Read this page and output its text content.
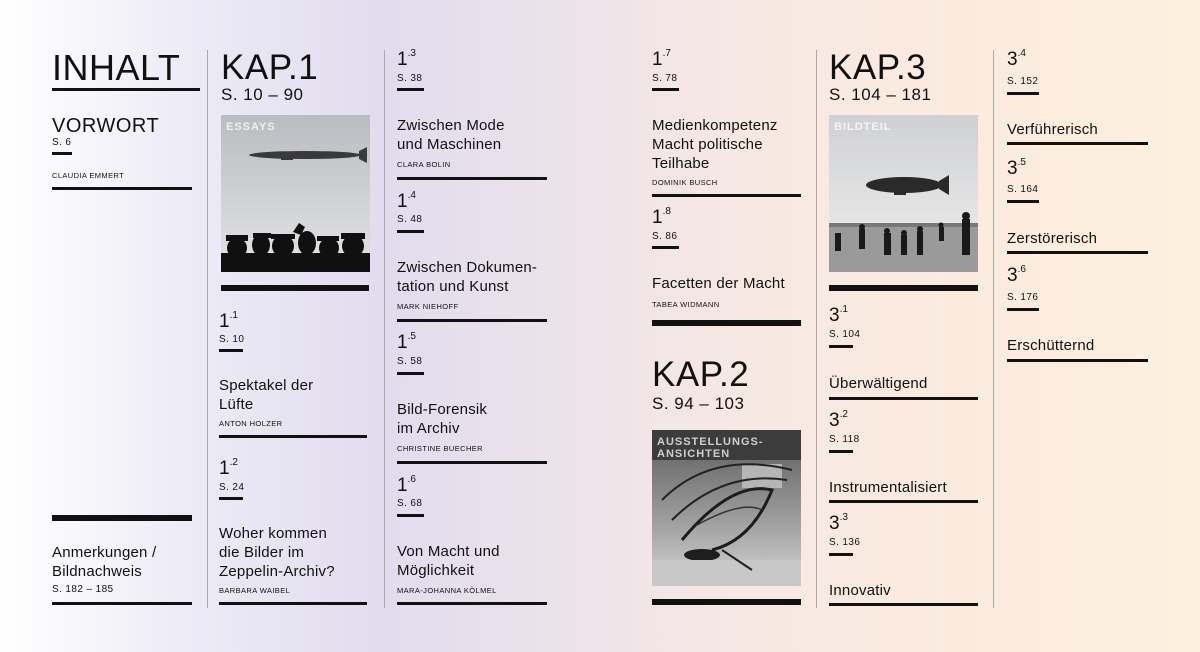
INHALT
VORWORT
S. 6
CLAUDIA EMMERT
Anmerkungen /
Bildnachweis
S. 182 – 185
KAP.1
S. 10 – 90
ESSAYS
$1^{.1}$
S. 10
Spektakel der
Lüfte
ANTON HOLZER
$1^{.2}$
S. 24
Woher kommen
die Bilder im
Zeppelin-Archiv?
BARBARA WAIBEL
$1^{.3}$
S. 38
Zwischen Mode
und Maschinen
CLARA BOLIN
$1^{.4}$
S. 48
Zwischen Dokumen-
tation und Kunst
MARK NIEHOFF
$1^{.5}$
S. 58
Bild-Forensik
im Archiv
CHRISTINE BUECHER
$1^{.6}$
S. 68
Von Macht und
Möglichkeit
MARA-JOHANNA KÖLMEL
$1^{.7}$
S. 78
Medienkompetenz
Macht politische
Teilhabe
DOMINIK BUSCH
$1^{.8}$
S. 86
Facetten der Macht
TABEA WIDMANN
KAP.2
S. 94 – 103
AUSSTELLUNGS-
ANSICHTEN
KAP.3
S. 104 – 181
BILDTEIL
$3^{.1}$
S. 104
Überwältigend
$3^{.2}$
S. 118
Instrumentalisiert
$3^{.3}$
S. 136
Innovativ
$3^{.4}$
S. 152
Verführerisch
$3^{.5}$
S. 164
Zerstörerisch
$3^{.6}$
S. 176
Erschütternd
